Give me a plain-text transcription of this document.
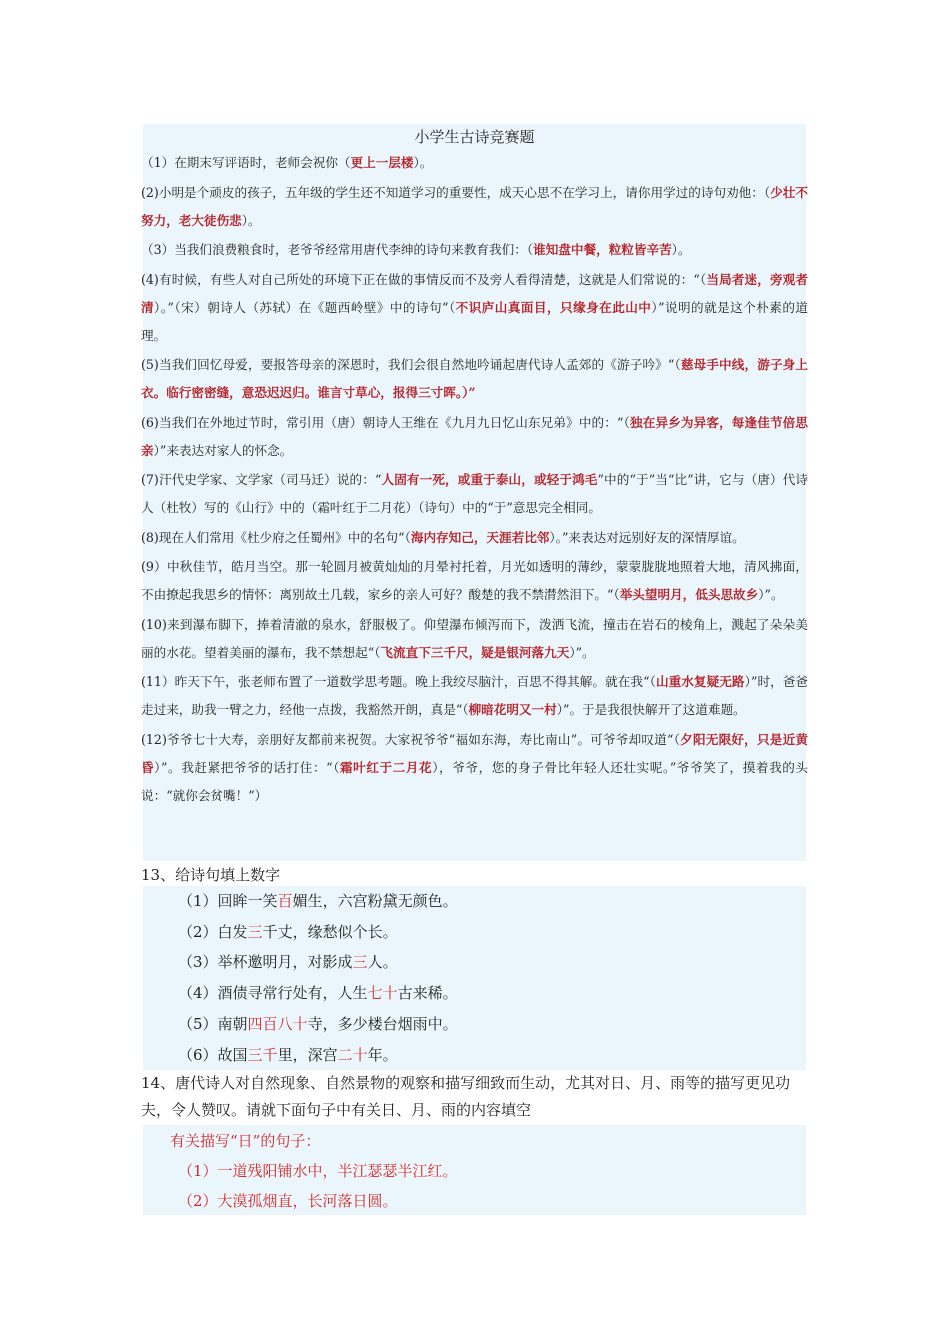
小学生古诗竞赛题
（1）在期末写评语时，老师会祝你（更上一层楼）。
(2)小明是个顽皮的孩子，五年级的学生还不知道学习的重要性，成天心思不在学习上，请你用学过的诗句劝他：（少壮不努力，老大徒伤悲）。
（3）当我们浪费粮食时，老爷爷经常用唐代李绅的诗句来教育我们：（谁知盘中餐，粒粒皆辛苦）。
(4)有时候，有些人对自己所处的环境下正在做的事情反而不及旁人看得清楚，这就是人们常说的：“（当局者迷，旁观者清）。”（宋）朝诗人（苏轼）在《题西岭壁》中的诗句“（不识庐山真面目，只缘身在此山中）”说明的就是这个朴素的道理。
(5)当我们回忆母爱，要报答母亲的深恩时，我们会很自然地吟诵起唐代诗人孟郊的《游子吟》“（慈母手中线，游子身上衣。临行密密缝，意恐迟迟归。谁言寸草心，报得三寸晖。）”
(6)当我们在外地过节时，常引用（唐）朝诗人王维在《九月九日忆山东兄弟》中的：“（独在异乡为异客，每逢佳节倍思亲）”来表达对家人的怀念。
(7)汗代史学家、文学家（司马迁）说的：“人固有一死，或重于泰山，或轻于鸿毛”中的“于”当“比”讲，它与（唐）代诗人（杜牧）写的《山行》中的（霜叶红于二月花）（诗句）中的“于”意思完全相同。
(8)现在人们常用《杜少府之任蜀州》中的名句“（海内存知己，天涯若比邻）。”来表达对远别好友的深情厚谊。
(9）中秋佳节，皓月当空。那一轮圆月被黄灿灿的月晕衬托着，月光如透明的薄纱，蒙蒙胧胧地照着大地，清风拂面，不由撩起我思乡的情怀：离别故土几载，家乡的亲人可好？酸楚的我不禁潸然泪下。“（举头望明月，低头思故乡）”。
(10)来到瀑布脚下，捧着清澈的泉水，舒服极了。仰望瀑布倾泻而下，泼洒飞流，撞击在岩石的棱角上，溅起了朵朵美丽的水花。望着美丽的瀑布，我不禁想起“（飞流直下三千尺，疑是银河落九天）”。
(11）昨天下午，张老师布置了一道数学思考题。晚上我绞尽脑汁，百思不得其解。就在我“（山重水复疑无路）”时，爸爸走过来，助我一臂之力，经他一点拨，我豁然开朗，真是“（柳暗花明又一村）”。于是我很快解开了这道难题。
(12)爷爷七十大寿，亲朋好友都前来祝贺。大家祝爷爷“福如东海，寿比南山”。可爷爷却叹道“（夕阳无限好，只是近黄昏）”。我赶紧把爷爷的话打住：“（霜叶红于二月花），爷爷，您的身子骨比年轻人还壮实呢。”爷爷笑了，摸着我的头说：“就你会贫嘴！”）
13、给诗句填上数字
（1）回眸一笑百媚生，六宫粉黛无颜色。
（2）白发三千丈，缘愁似个长。
（3）举杯邀明月，对影成三人。
（4）酒债寻常行处有，人生七十古来稀。
（5）南朝四百八十寺，多少楼台烟雨中。
（6）故国三千里，深宫二十年。
14、唐代诗人对自然现象、自然景物的观察和描写细致而生动，尤其对日、月、雨等的描写更见功夫，令人赞叹。请就下面句子中有关日、月、雨的内容填空
有关描写“日”的句子：
（1）一道残阳铺水中，半江瑟瑟半江红。
（2）大漠孤烟直，长河落日圆。
